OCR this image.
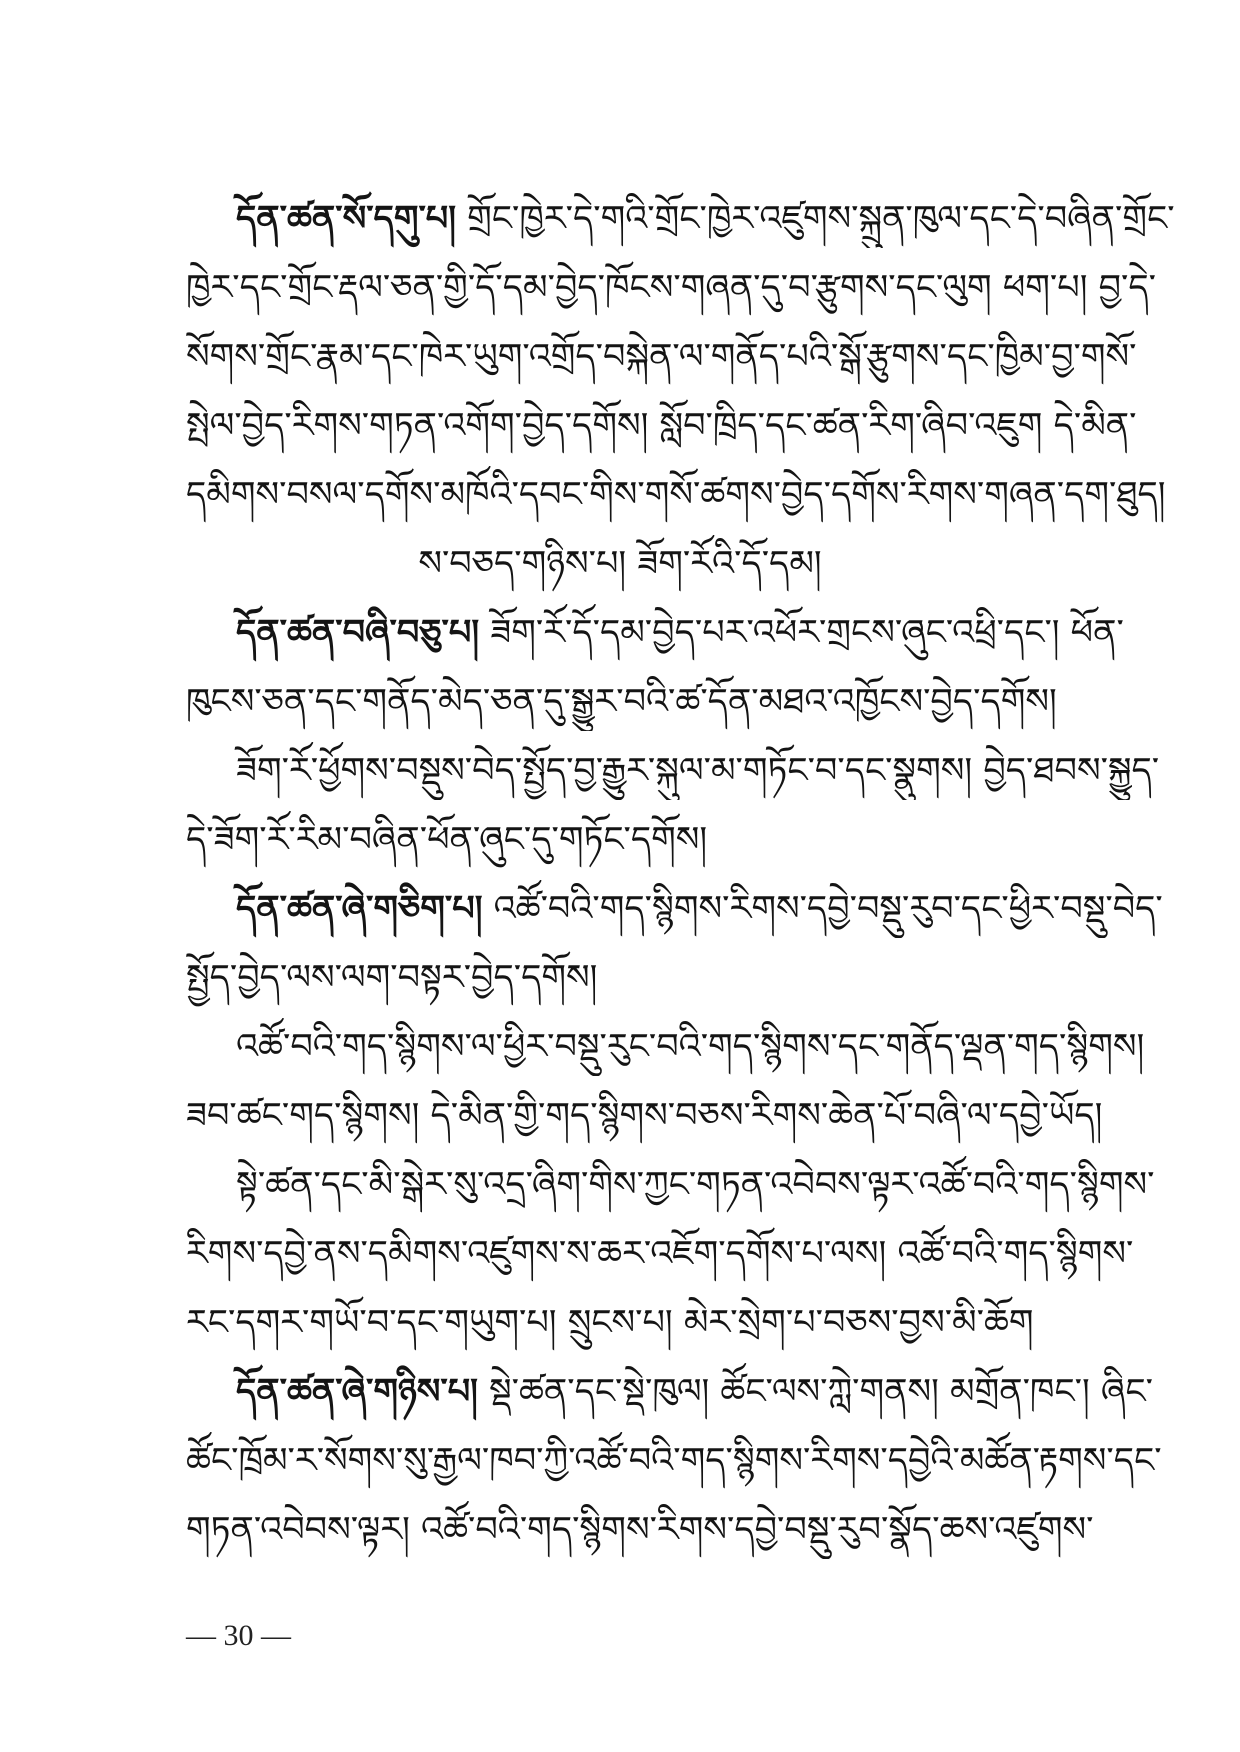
དོན་ཚན་སོ་དགུ་པ། གྲོང་ཁྱེར་དེ་གའི་གྲོང་ཁྱེར་འཛུགས་སྐྲུན་ཁུལ་དང་དེ་བཞིན་གྲོང་
ཁྱེར་དང་གྲོང་རྡལ་ཅན་གྱི་དོ་དམ་བྱེད་ཁོངས་གཞན་དུ་བ་རྩུགས་དང་ལུག ཕག་པ། བྱ་དེ་
སོགས་གྲོང་རྣམ་དང་ཁེར་ཡུག་འགྲོད་བསྐེན་ལ་གནོད་པའི་སྒོ་རྩུགས་དང་ཁྱིམ་བྱ་གསོ་
སྤེལ་བྱེད་རིགས་གཏན་འགོག་བྱེད་དགོས། སློབ་ཁྲིད་དང་ཚན་རིག་ཞིབ་འཇུག དེ་མིན་
དམིགས་བསལ་དགོས་མཁོའི་དབང་གིས་གསོ་ཚགས་བྱེད་དགོས་རིགས་གཞན་དག་ཐུད།
ས་བཅད་གཉིས་པ། ཟོག་རོའི་དོ་དམ།
དོན་ཚན་བཞི་བཅུ་པ། ཟོག་རོ་དོ་དམ་བྱེད་པར་འཕོར་གྲངས་ཞུང་འཕྲི་དང་། ཕོན་
ཁུངས་ཅན་དང་གནོད་མེད་ཅན་དུ་སྒྱུར་བའི་ཚ་དོན་མཐའ་འཁྱོངས་བྱེད་དགོས།
ཟོག་རོ་ཕྱོགས་བསྡུས་བེད་སྤྱོད་བྱ་རྒྱུར་སྐུལ་མ་གཏོང་བ་དང་སྣུགས། བྱེད་ཐབས་སྐྱུད་
དེ་ཟོག་རོ་རིམ་བཞིན་ཕོན་ཞུང་དུ་གཏོང་དགོས།
དོན་ཚན་ཞེ་གཅིག་པ། འཚོ་བའི་གད་སྙིགས་རིགས་དབྱེ་བསྡུ་རུབ་དང་ཕྱིར་བསྡུ་བེད་
སྤྱོད་བྱེད་ལས་ལག་བསྟར་བྱེད་དགོས།
འཚོ་བའི་གད་སྙིགས་ལ་ཕྱིར་བསྡུ་རུང་བའི་གད་སྙིགས་དང་གནོད་ལྡན་གད་སྙིགས།
ཟབ་ཚང་གད་སྙིགས། དེ་མིན་གྱི་གད་སྙིགས་བཅས་རིགས་ཆེན་པོ་བཞི་ལ་དབྱེ་ཡོད།
སྟེ་ཚན་དང་མི་སྒེར་སུ་འདྲ་ཞིག་གིས་ཀྱང་གཏན་འབེབས་ལྟར་འཚོ་བའི་གད་སྙིགས་
རིགས་དབྱེ་ནས་དམིགས་འཛུགས་ས་ཆར་འཇོག་དགོས་པ་ལས། འཚོ་བའི་གད་སྙིགས་
རང་དགར་གཡོ་བ་དང་གཡུག་པ། སྲུངས་པ། མེར་སྲེག་པ་བཅས་བྱས་མི་ཆོག
དོན་ཚན་ཞེ་གཉིས་པ། སྡེ་ཚན་དང་སྡེ་ཁུལ། ཚོང་ལས་ཀླེ་གནས། མགྲོན་ཁང་། ཞིང་
ཚོང་ཁྲོམ་ར་སོགས་སུ་རྒྱལ་ཁབ་ཀྱི་འཚོ་བའི་གད་སྙིགས་རིགས་དབྱེའི་མཚོན་རྟགས་དང་
གཏན་འབེབས་ལྟར། འཚོ་བའི་གད་སྙིགས་རིགས་དབྱེ་བསྡུ་རུབ་སྣོད་ཆས་འཛུགས་
— 30 —
